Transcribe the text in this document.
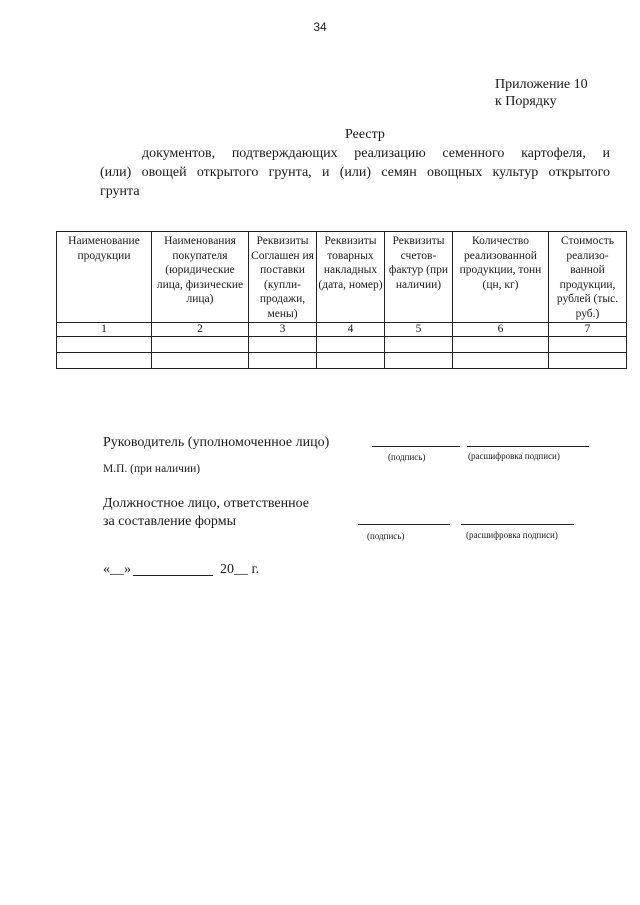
34
Приложение 10
к Порядку
Реестр
документов, подтверждающих реализацию семенного картофеля, и
(или) овощей открытого грунта, и (или) семян овощных культур открытого
грунта
Наименование продукции	Наименования покупателя (юридические лица, физические лица)	Реквизиты Соглашен ия поставки (купли-продажи, мены)	Реквизиты товарных накладных (дата, номер)	Реквизиты счетов-фактур (при наличии)	Количество реализованной продукции, тонн (цн, кг)	Стоимость реализо-ванной продукции, рублей (тыс. руб.)
1	2	3	4	5	6	7

Руководитель (уполномоченное лицо)
(подпись)	(расшифровка подписи)
М.П. (при наличии)
Должностное лицо, ответственное
за составление формы
(подпись)	(расшифровка подписи)
«__»	20__ г.
